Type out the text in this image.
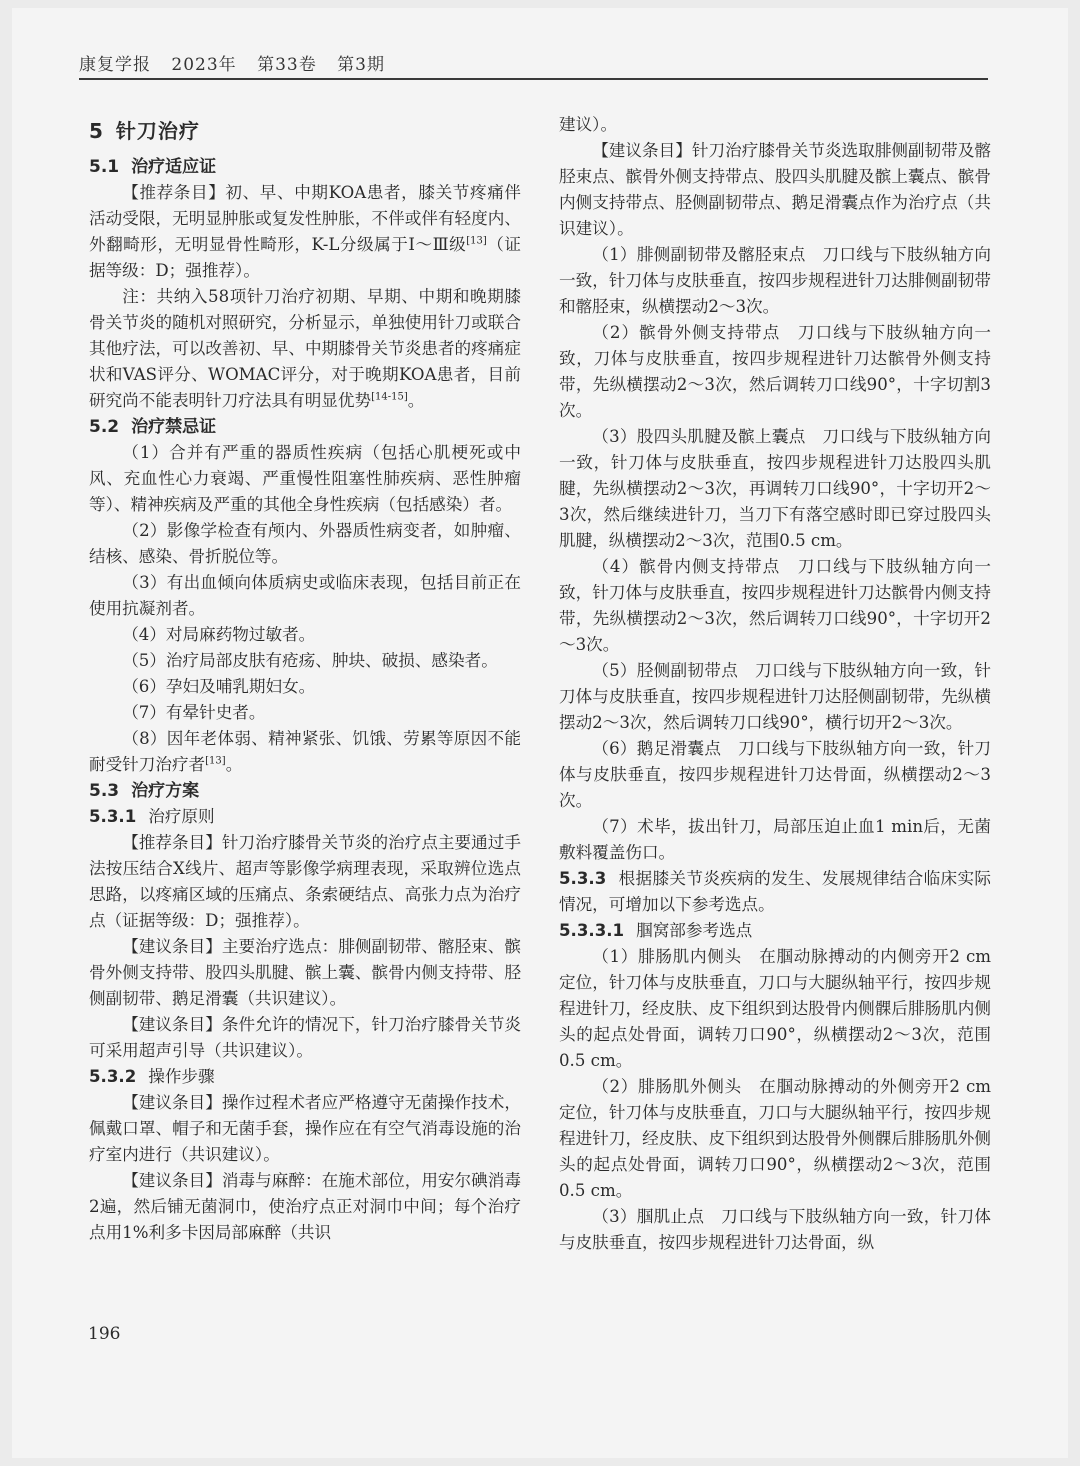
康复学报 2023年 第33卷 第3期
5 针刀治疗
5.1 治疗适应证

【推荐条目】初、早、中期KOA患者，膝关节疼痛伴活动受限，无明显肿胀或复发性肿胀，不伴或伴有轻度内、外翻畸形，无明显骨性畸形，K-L分级属于Ⅰ～Ⅲ级[13]（证据等级：D；强推荐）。

注：共纳入58项针刀治疗初期、早期、中期和晚期膝骨关节炎的随机对照研究，分析显示，单独使用针刀或联合其他疗法，可以改善初、早、中期膝骨关节炎患者的疼痛症状和VAS评分、WOMAC评分，对于晚期KOA患者，目前研究尚不能表明针刀疗法具有明显优势[14-15]。

5.2 治疗禁忌证

（1）合并有严重的器质性疾病（包括心肌梗死或中风、充血性心力衰竭、严重慢性阻塞性肺疾病、恶性肿瘤等）、精神疾病及严重的其他全身性疾病（包括感染）者。

（2）影像学检查有颅内、外器质性病变者，如肿瘤、结核、感染、骨折脱位等。

（3）有出血倾向体质病史或临床表现，包括目前正在使用抗凝剂者。

（4）对局麻药物过敏者。

（5）治疗局部皮肤有疮疡、肿块、破损、感染者。

（6）孕妇及哺乳期妇女。

（7）有晕针史者。

（8）因年老体弱、精神紧张、饥饿、劳累等原因不能耐受针刀治疗者[13]。

5.3 治疗方案
5.3.1 治疗原则

【推荐条目】针刀治疗膝骨关节炎的治疗点主要通过手法按压结合X线片、超声等影像学病理表现，采取辨位选点思路，以疼痛区域的压痛点、条索硬结点、高张力点为治疗点（证据等级：D；强推荐）。

【建议条目】主要治疗选点：腓侧副韧带、髂胫束、髌骨外侧支持带、股四头肌腱、髌上囊、髌骨内侧支持带、胫侧副韧带、鹅足滑囊（共识建议）。

【建议条目】条件允许的情况下，针刀治疗膝骨关节炎可采用超声引导（共识建议）。

5.3.2 操作步骤

【建议条目】操作过程术者应严格遵守无菌操作技术，佩戴口罩、帽子和无菌手套，操作应在有空气消毒设施的治疗室内进行（共识建议）。

【建议条目】消毒与麻醉：在施术部位，用安尔碘消毒2遍，然后铺无菌洞巾，使治疗点正对洞巾中间；每个治疗点用1%利多卡因局部麻醉（共识

建议）。

【建议条目】针刀治疗膝骨关节炎选取腓侧副韧带及髂胫束点、髌骨外侧支持带点、股四头肌腱及髌上囊点、髌骨内侧支持带点、胫侧副韧带点、鹅足滑囊点作为治疗点（共识建议）。

（1）腓侧副韧带及髂胫束点　刀口线与下肢纵轴方向一致，针刀体与皮肤垂直，按四步规程进针刀达腓侧副韧带和髂胫束，纵横摆动2～3次。

（2）髌骨外侧支持带点　刀口线与下肢纵轴方向一致，刀体与皮肤垂直，按四步规程进针刀达髌骨外侧支持带，先纵横摆动2～3次，然后调转刀口线90°，十字切割3次。

（3）股四头肌腱及髌上囊点　刀口线与下肢纵轴方向一致，针刀体与皮肤垂直，按四步规程进针刀达股四头肌腱，先纵横摆动2～3次，再调转刀口线90°，十字切开2～3次，然后继续进针刀，当刀下有落空感时即已穿过股四头肌腱，纵横摆动2～3次，范围0.5 cm。

（4）髌骨内侧支持带点　刀口线与下肢纵轴方向一致，针刀体与皮肤垂直，按四步规程进针刀达髌骨内侧支持带，先纵横摆动2～3次，然后调转刀口线90°，十字切开2～3次。

（5）胫侧副韧带点　刀口线与下肢纵轴方向一致，针刀体与皮肤垂直，按四步规程进针刀达胫侧副韧带，先纵横摆动2～3次，然后调转刀口线90°，横行切开2～3次。

（6）鹅足滑囊点　刀口线与下肢纵轴方向一致，针刀体与皮肤垂直，按四步规程进针刀达骨面，纵横摆动2～3次。

（7）术毕，拔出针刀，局部压迫止血1 min后，无菌敷料覆盖伤口。

5.3.3 根据膝关节炎疾病的发生、发展规律结合临床实际情况，可增加以下参考选点。

5.3.3.1 腘窝部参考选点

（1）腓肠肌内侧头　在腘动脉搏动的内侧旁开2 cm定位，针刀体与皮肤垂直，刀口与大腿纵轴平行，按四步规程进针刀，经皮肤、皮下组织到达股骨内侧髁后腓肠肌内侧头的起点处骨面，调转刀口90°，纵横摆动2～3次，范围0.5 cm。

（2）腓肠肌外侧头　在腘动脉搏动的外侧旁开2 cm定位，针刀体与皮肤垂直，刀口与大腿纵轴平行，按四步规程进针刀，经皮肤、皮下组织到达股骨外侧髁后腓肠肌外侧头的起点处骨面，调转刀口90°，纵横摆动2～3次，范围0.5 cm。

（3）腘肌止点　刀口线与下肢纵轴方向一致，针刀体与皮肤垂直，按四步规程进针刀达骨面，纵

196
